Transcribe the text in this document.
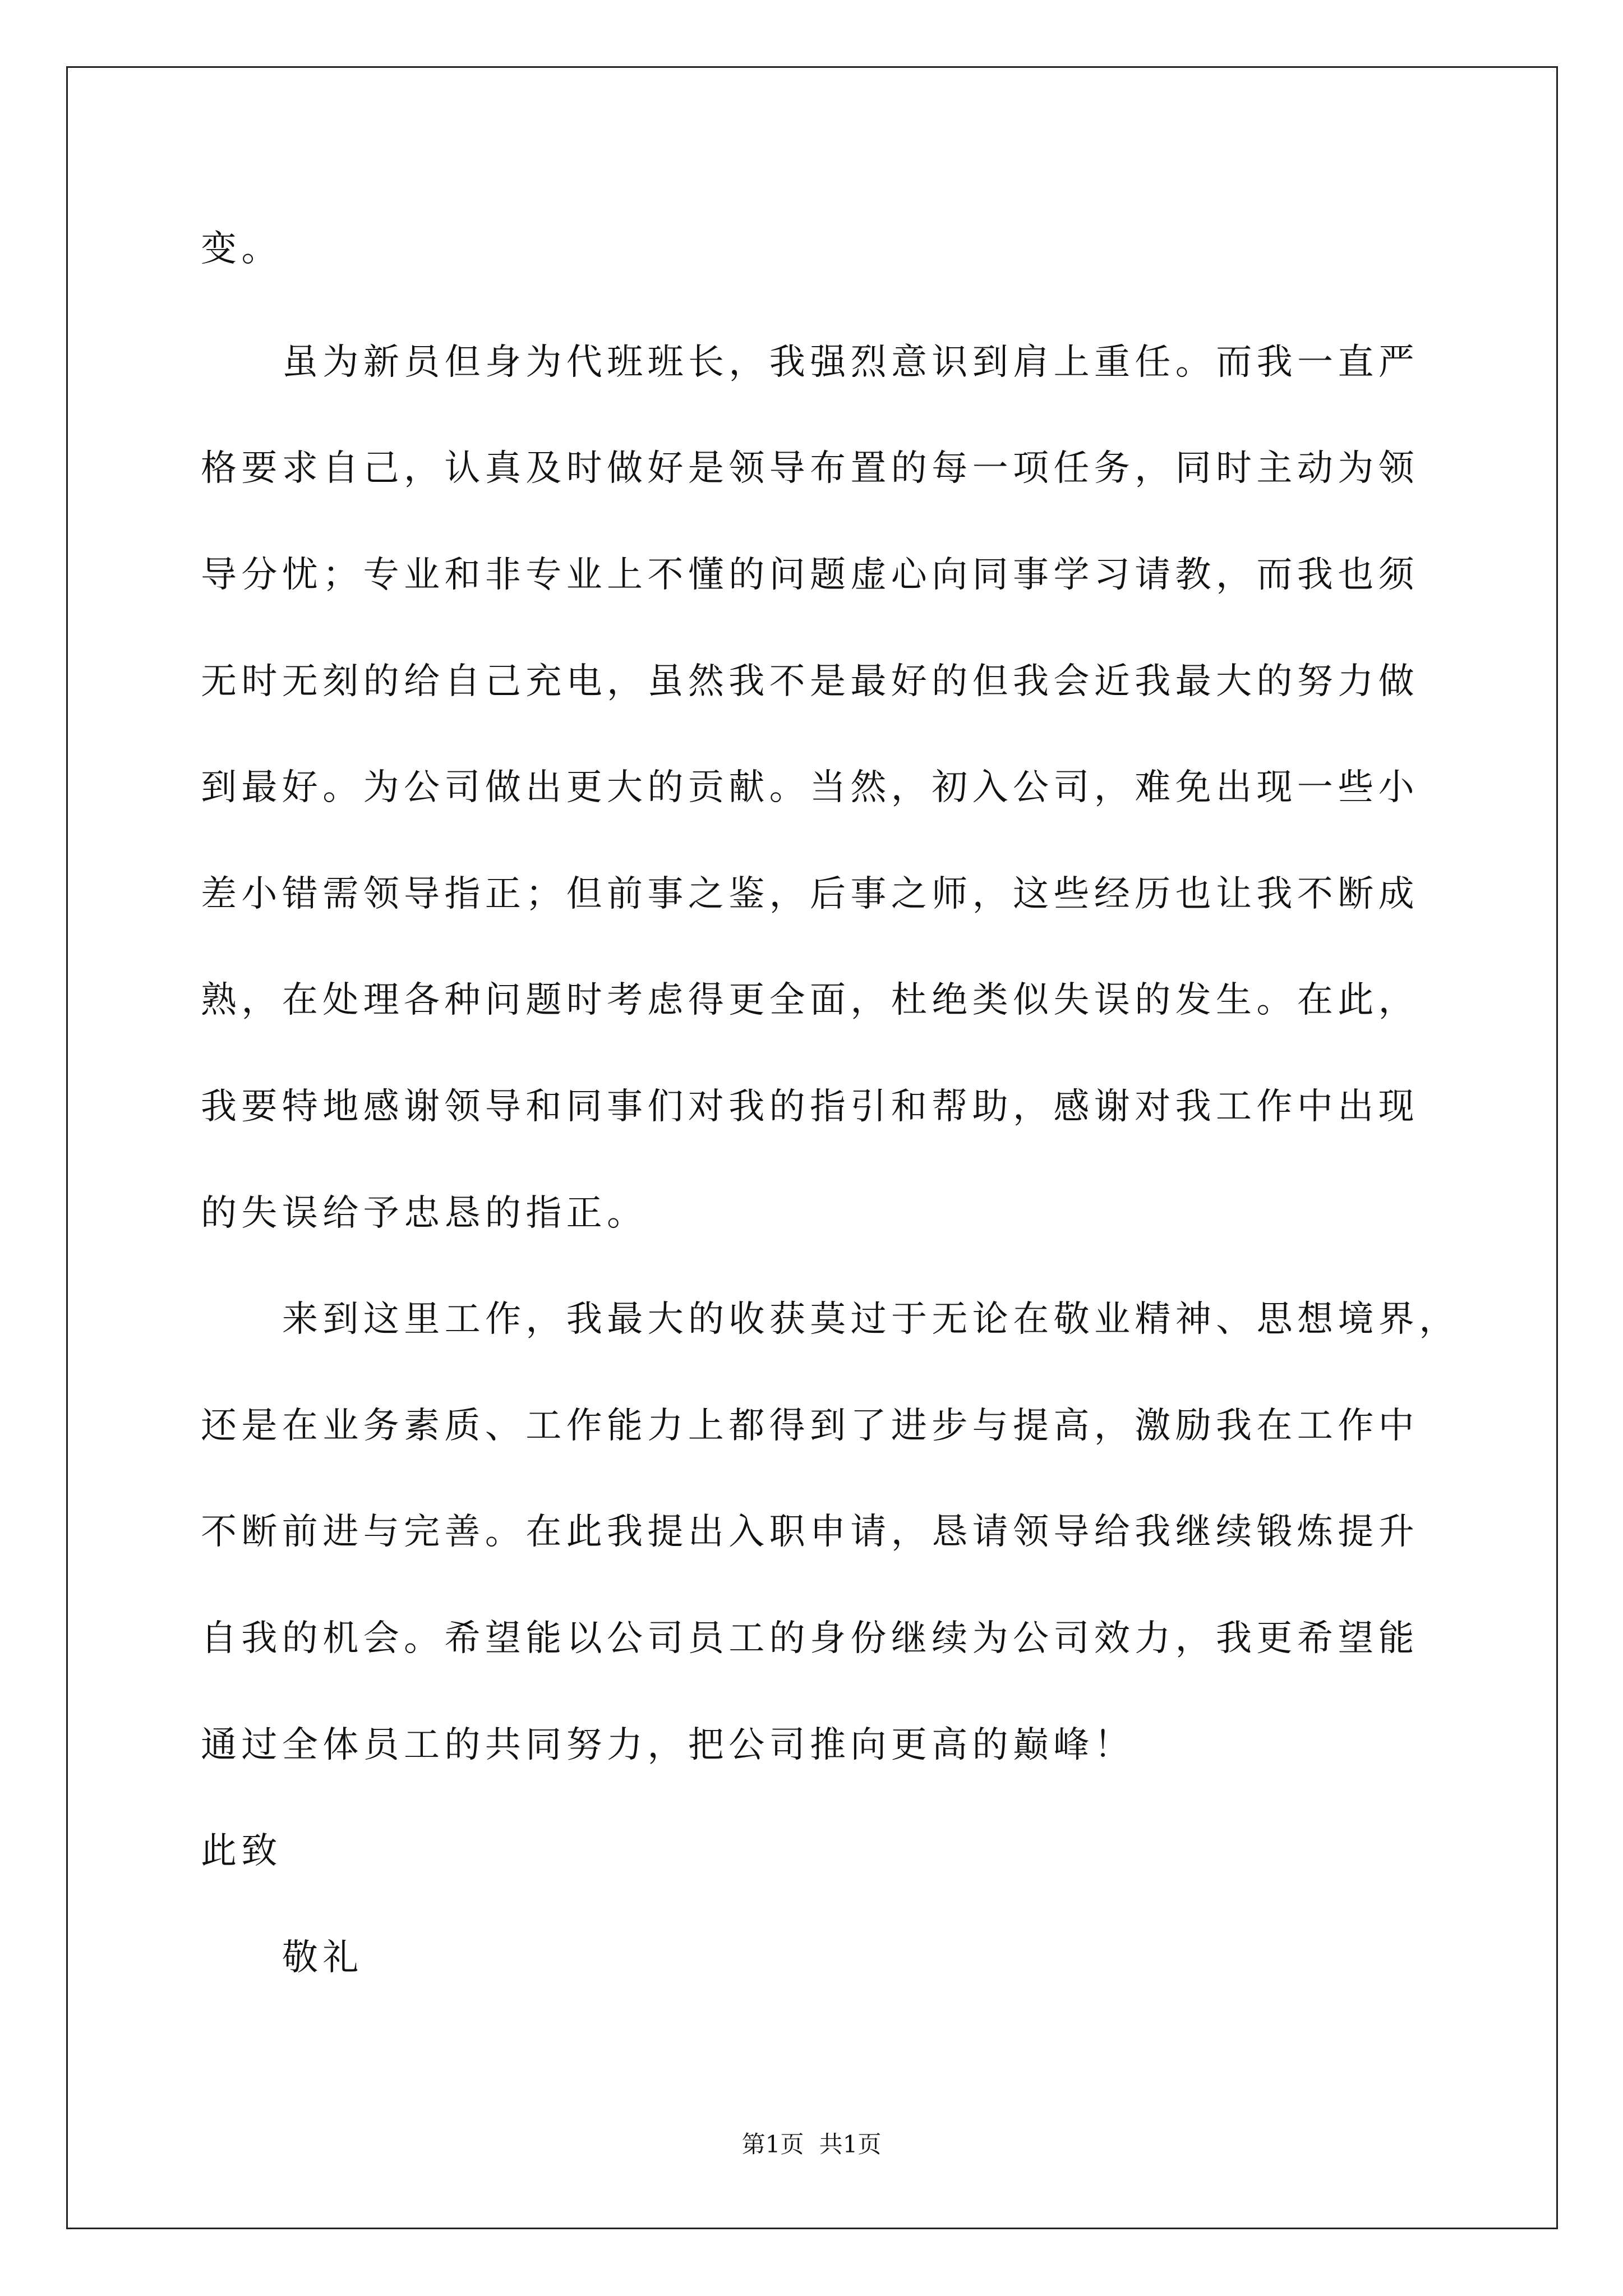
变。

虽为新员但身为代班班长，我强烈意识到肩上重任。而我一直严

格要求自己，认真及时做好是领导布置的每一项任务，同时主动为领

导分忧；专业和非专业上不懂的问题虚心向同事学习请教，而我也须

无时无刻的给自己充电，虽然我不是最好的但我会近我最大的努力做

到最好。为公司做出更大的贡献。当然，初入公司，难免出现一些小

差小错需领导指正；但前事之鉴，后事之师，这些经历也让我不断成

熟，在处理各种问题时考虑得更全面，杜绝类似失误的发生。在此，

我要特地感谢领导和同事们对我的指引和帮助，感谢对我工作中出现

的失误给予忠恳的指正。

来到这里工作，我最大的收获莫过于无论在敬业精神、思想境界，

还是在业务素质、工作能力上都得到了进步与提高，激励我在工作中

不断前进与完善。在此我提出入职申请，恳请领导给我继续锻炼提升

自我的机会。希望能以公司员工的身份继续为公司效力，我更希望能

通过全体员工的共同努力，把公司推向更高的巅峰！

此致

敬礼

第1页 共1页
